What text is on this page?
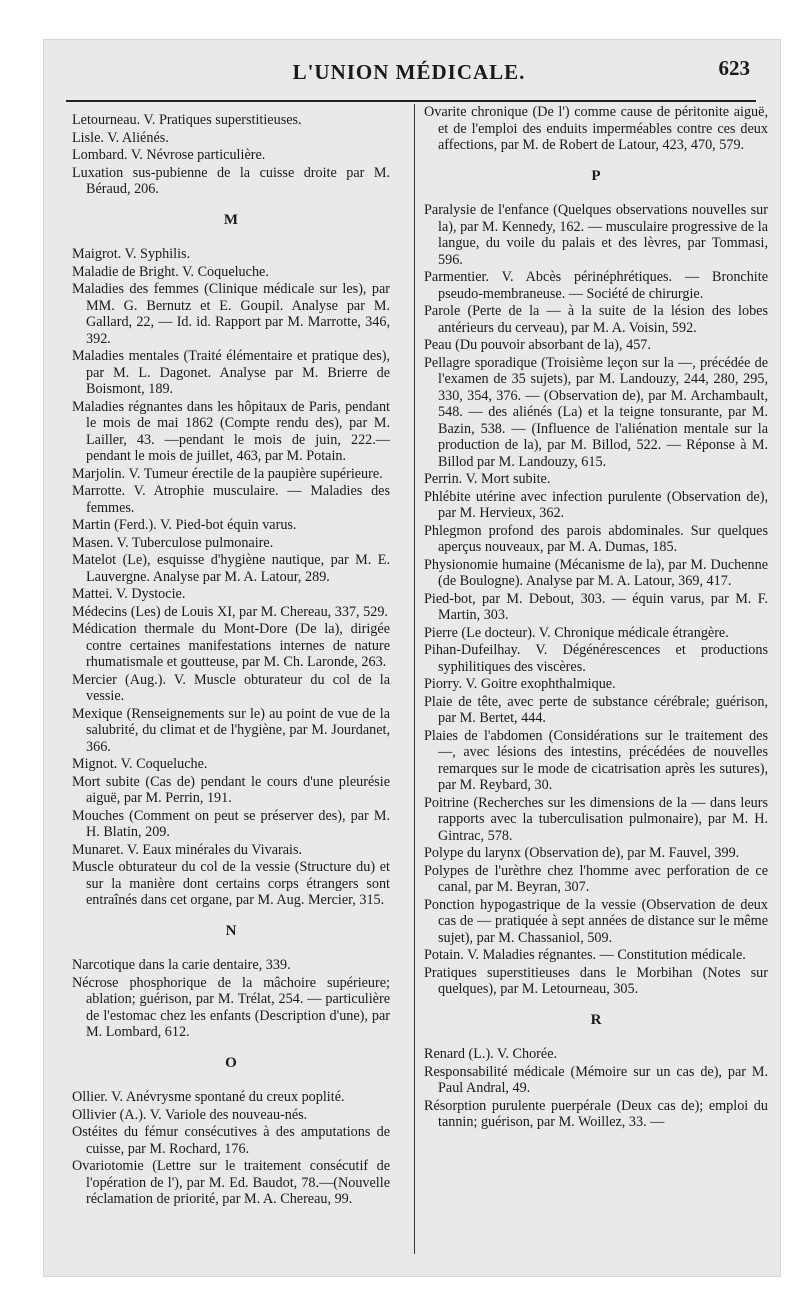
L'UNION MÉDICALE.	623

Letourneau. V. Pratiques superstitieuses.

Lisle. V. Aliénés.

Lombard. V. Névrose particulière.

Luxation sus-pubienne de la cuisse droite par M. Béraud, 206.

M

Maigrot. V. Syphilis.

Maladie de Bright. V. Coqueluche.

Maladies des femmes (Clinique médicale sur les), par MM. G. Bernutz et E. Goupil. Analyse par M. Gallard, 22, — Id. id. Rapport par M. Marrotte, 346, 392.

Maladies mentales (Traité élémentaire et pratique des), par M. L. Dagonet. Analyse par M. Brierre de Boismont, 189.

Maladies régnantes dans les hôpitaux de Paris, pendant le mois de mai 1862 (Compte rendu des), par M. Lailler, 43. —pendant le mois de juin, 222.— pendant le mois de juillet, 463, par M. Potain.

Marjolin. V. Tumeur érectile de la paupière supérieure.

Marrotte. V. Atrophie musculaire. — Maladies des femmes.

Martin (Ferd.). V. Pied-bot équin varus.

Masen. V. Tuberculose pulmonaire.

Matelot (Le), esquisse d'hygiène nautique, par M. E. Lauvergne. Analyse par M. A. Latour, 289.

Mattei. V. Dystocie.

Médecins (Les) de Louis XI, par M. Chereau, 337, 529.

Médication thermale du Mont-Dore (De la), dirigée contre certaines manifestations internes de nature rhumatismale et goutteuse, par M. Ch. Laronde, 263.

Mercier (Aug.). V. Muscle obturateur du col de la vessie.

Mexique (Renseignements sur le) au point de vue de la salubrité, du climat et de l'hygiène, par M. Jourdanet, 366.

Mignot. V. Coqueluche.

Mort subite (Cas de) pendant le cours d'une pleurésie aiguë, par M. Perrin, 191.

Mouches (Comment on peut se préserver des), par M. H. Blatin, 209.

Munaret. V. Eaux minérales du Vivarais.

Muscle obturateur du col de la vessie (Structure du) et sur la manière dont certains corps étrangers sont entraînés dans cet organe, par M. Aug. Mercier, 315.

N

Narcotique dans la carie dentaire, 339.

Nécrose phosphorique de la mâchoire supérieure; ablation; guérison, par M. Trélat, 254. — particulière de l'estomac chez les enfants (Description d'une), par M. Lombard, 612.

O

Ollier. V. Anévrysme spontané du creux poplité.

Ollivier (A.). V. Variole des nouveau-nés.

Ostéites du fémur consécutives à des amputations de cuisse, par M. Rochard, 176.

Ovariotomie (Lettre sur le traitement consécutif de l'opération de l'), par M. Ed. Baudot, 78.—(Nouvelle réclamation de priorité, par M. A. Chereau, 99.

Ovarite chronique (De l') comme cause de péritonite aiguë, et de l'emploi des enduits imperméables contre ces deux affections, par M. de Robert de Latour, 423, 470, 579.

P

Paralysie de l'enfance (Quelques observations nouvelles sur la), par M. Kennedy, 162. — musculaire progressive de la langue, du voile du palais et des lèvres, par Tommasi, 596.

Parmentier. V. Abcès périnéphrétiques. — Bronchite pseudo-membraneuse. — Société de chirurgie.

Parole (Perte de la — à la suite de la lésion des lobes antérieurs du cerveau), par M. A. Voisin, 592.

Peau (Du pouvoir absorbant de la), 457.

Pellagre sporadique (Troisième leçon sur la —, précédée de l'examen de 35 sujets), par M. Landouzy, 244, 280, 295, 330, 354, 376. — (Observation de), par M. Archambault, 548. — des aliénés (La) et la teigne tonsurante, par M. Bazin, 538. — (Influence de l'aliénation mentale sur la production de la), par M. Billod, 522. — Réponse à M. Billod par M. Landouzy, 615.

Perrin. V. Mort subite.

Phlébite utérine avec infection purulente (Observation de), par M. Hervieux, 362.

Phlegmon profond des parois abdominales. Sur quelques aperçus nouveaux, par M. A. Dumas, 185.

Physionomie humaine (Mécanisme de la), par M. Duchenne (de Boulogne). Analyse par M. A. Latour, 369, 417.

Pied-bot, par M. Debout, 303. — équin varus, par M. F. Martin, 303.

Pierre (Le docteur). V. Chronique médicale étrangère.

Pihan-Dufeilhay. V. Dégénérescences et productions syphilitiques des viscères.

Piorry. V. Goitre exophthalmique.

Plaie de tête, avec perte de substance cérébrale; guérison, par M. Bertet, 444.

Plaies de l'abdomen (Considérations sur le traitement des —, avec lésions des intestins, précédées de nouvelles remarques sur le mode de cicatrisation après les sutures), par M. Reybard, 30.

Poitrine (Recherches sur les dimensions de la — dans leurs rapports avec la tuberculisation pulmonaire), par M. H. Gintrac, 578.

Polype du larynx (Observation de), par M. Fauvel, 399.

Polypes de l'urèthre chez l'homme avec perforation de ce canal, par M. Beyran, 307.

Ponction hypogastrique de la vessie (Observation de deux cas de — pratiquée à sept années de distance sur le même sujet), par M. Chassaniol, 509.

Potain. V. Maladies régnantes. — Constitution médicale.

Pratiques superstitieuses dans le Morbihan (Notes sur quelques), par M. Letourneau, 305.

R

Renard (L.). V. Chorée.

Responsabilité médicale (Mémoire sur un cas de), par M. Paul Andral, 49.

Résorption purulente puerpérale (Deux cas de); emploi du tannin; guérison, par M. Woillez, 33. —
